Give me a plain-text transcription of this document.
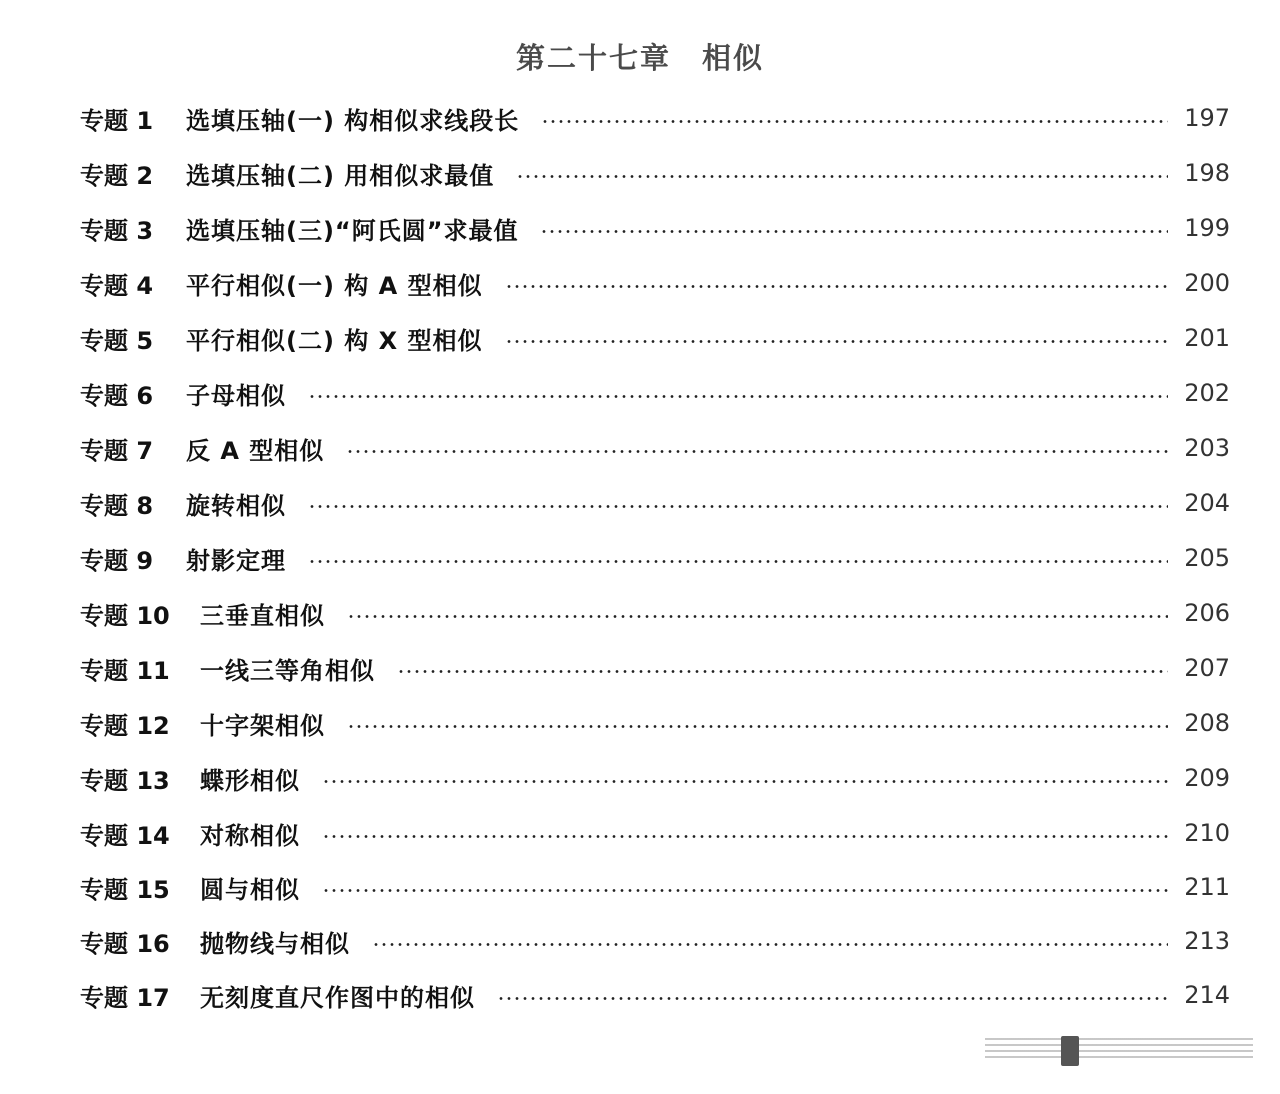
第二十七章　相似
专题 1	选填压轴(一) 构相似求线段长	197
专题 2	选填压轴(二) 用相似求最值	198
专题 3	选填压轴(三)“阿氏圆”求最值	199
专题 4	平行相似(一) 构 A 型相似	200
专题 5	平行相似(二) 构 X 型相似	201
专题 6	子母相似	202
专题 7	反 A 型相似	203
专题 8	旋转相似	204
专题 9	射影定理	205
专题 10	三垂直相似	206
专题 11	一线三等角相似	207
专题 12	十字架相似	208
专题 13	蝶形相似	209
专题 14	对称相似	210
专题 15	圆与相似	211
专题 16	抛物线与相似	213
专题 17	无刻度直尺作图中的相似	214
